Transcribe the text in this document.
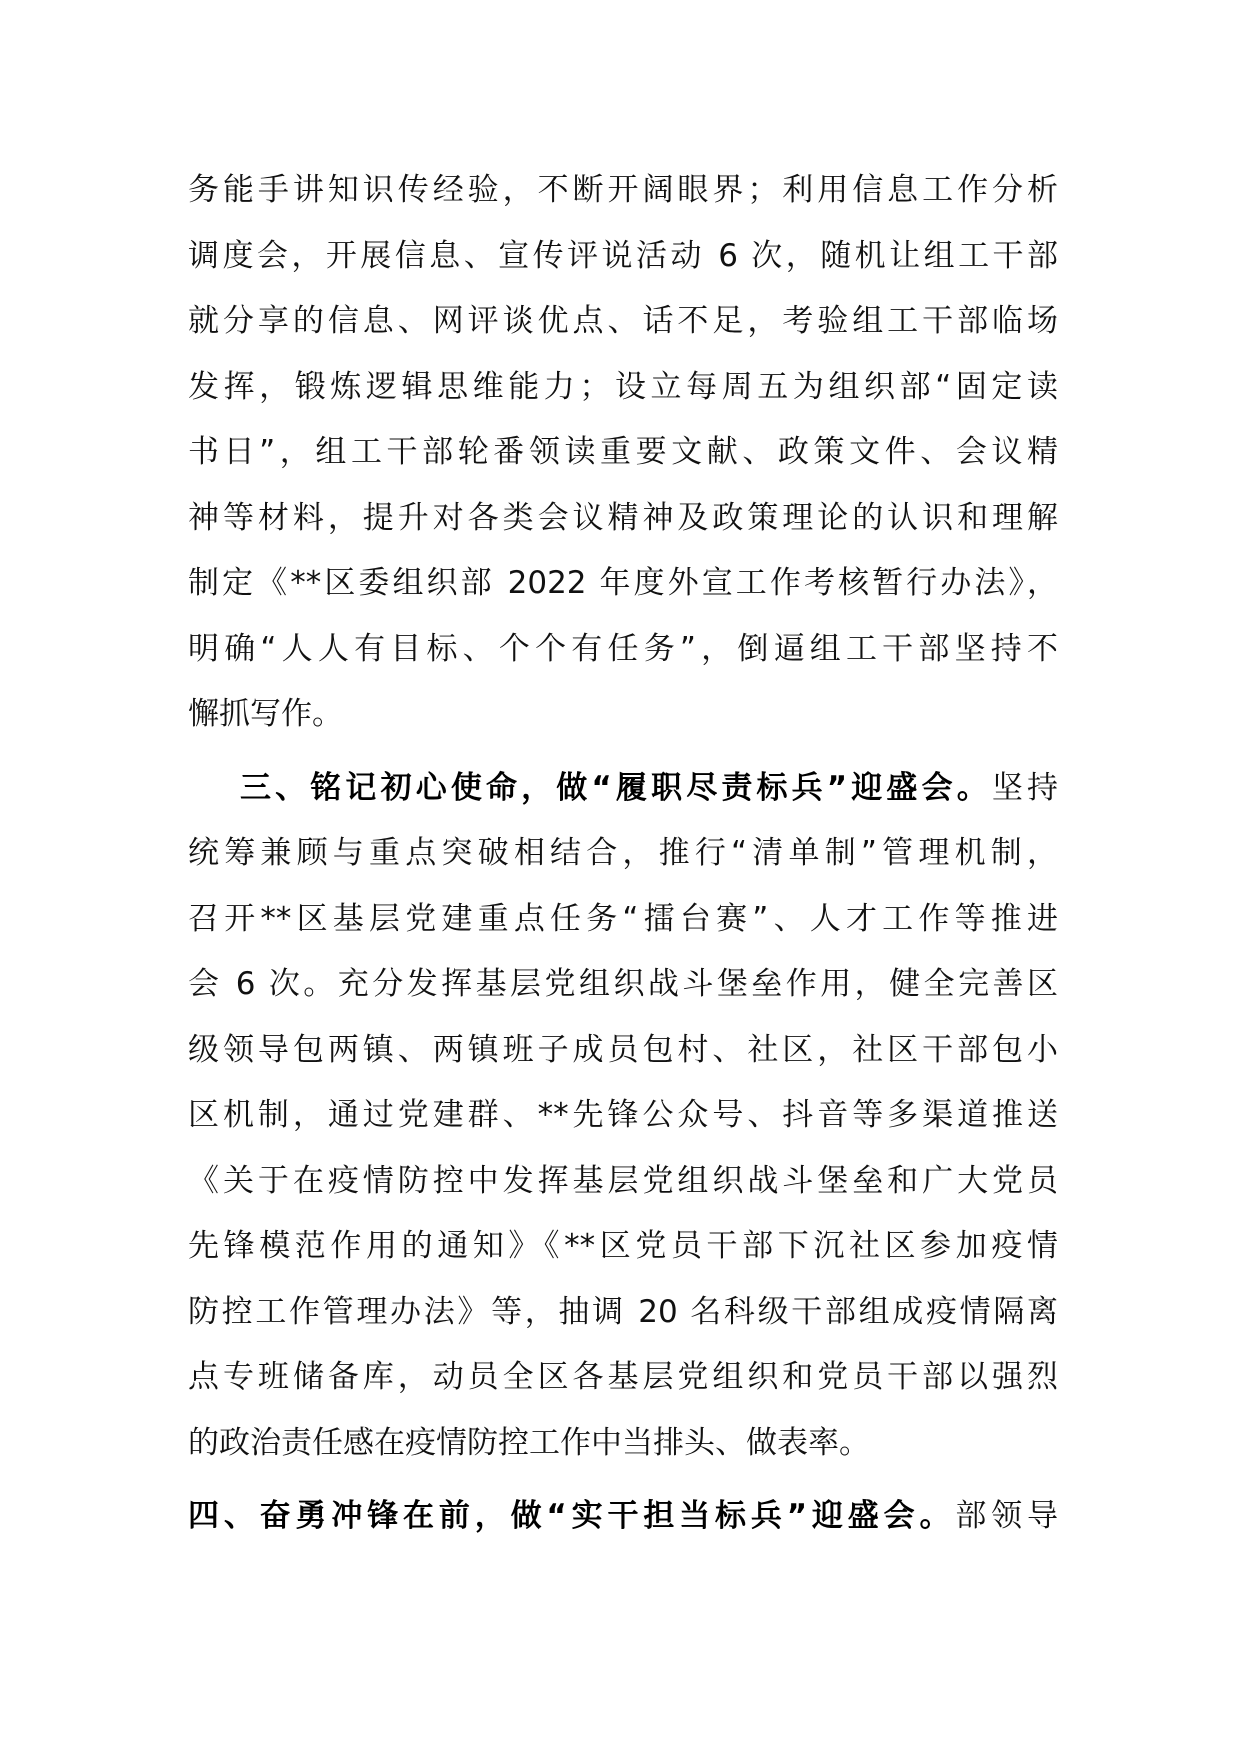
务能手讲知识传经验，不断开阔眼界；利用信息工作分析
调度会，开展信息、宣传评说活动 6 次，随机让组工干部
就分享的信息、网评谈优点、话不足，考验组工干部临场
发挥，锻炼逻辑思维能力；设立每周五为组织部“固定读
书日”，组工干部轮番领读重要文献、政策文件、会议精
神等材料，提升对各类会议精神及政策理论的认识和理解
制定《**区委组织部 2022 年度外宣工作考核暂行办法》，
明确“人人有目标、个个有任务”，倒逼组工干部坚持不
懈抓写作。
三、铭记初心使命，做“履职尽责标兵”迎盛会。坚持
统筹兼顾与重点突破相结合，推行“清单制”管理机制，
召开**区基层党建重点任务“擂台赛”、人才工作等推进
会 6 次。充分发挥基层党组织战斗堡垒作用，健全完善区
级领导包两镇、两镇班子成员包村、社区，社区干部包小
区机制，通过党建群、**先锋公众号、抖音等多渠道推送
《关于在疫情防控中发挥基层党组织战斗堡垒和广大党员
先锋模范作用的通知》《**区党员干部下沉社区参加疫情
防控工作管理办法》等，抽调 20 名科级干部组成疫情隔离
点专班储备库，动员全区各基层党组织和党员干部以强烈
的政治责任感在疫情防控工作中当排头、做表率。
四、奋勇冲锋在前，做“实干担当标兵”迎盛会。部领导
